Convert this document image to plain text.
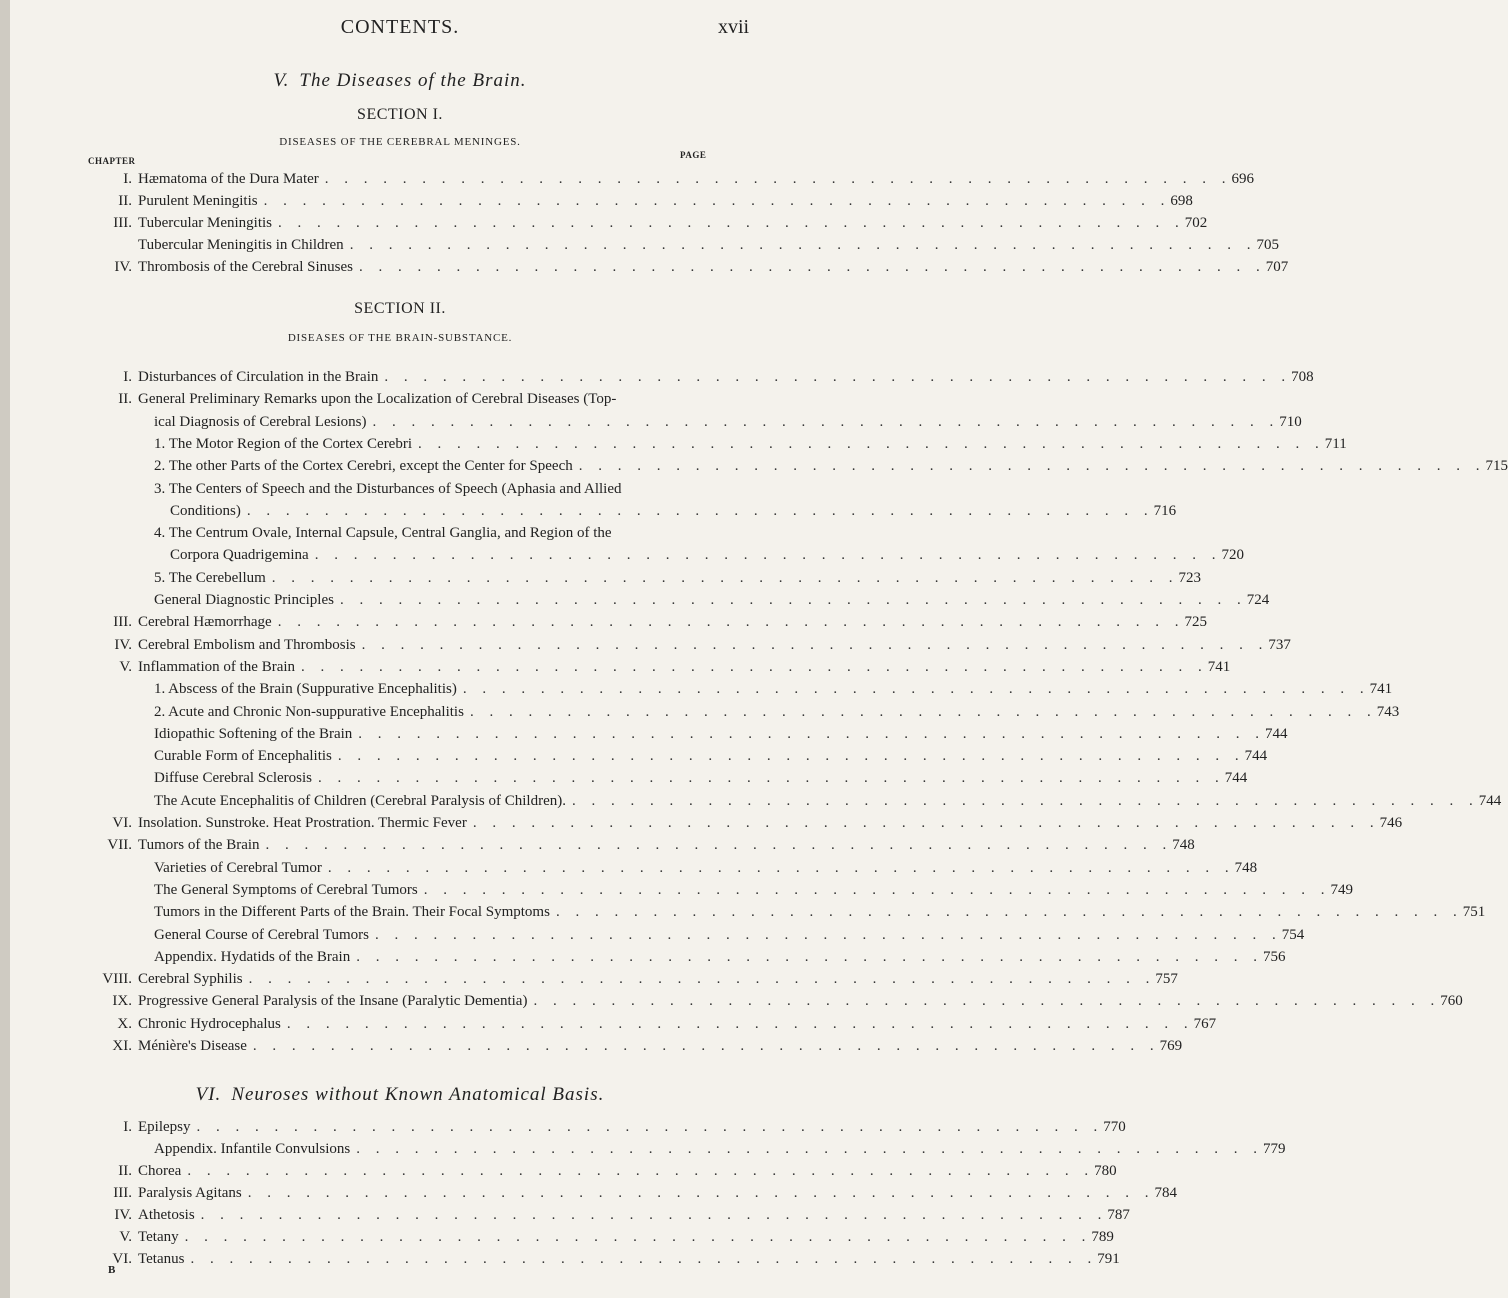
CONTENTS.	xvii
V. The Diseases of the Brain.
SECTION I.
DISEASES OF THE CEREBRAL MENINGES.
CHAPTER
PAGE
I. Hæmatoma of the Dura Mater . . . . . . . . . . . . . . . . . . . . . . . . . . . . . . . . . . . . . . . . . . . . . . . 696
II. Purulent Meningitis . . . . . . . . . . . . . . . . . . . . . . . . . . . . . . . . . . . . . . . . . . . . . . . 698
III. Tubercular Meningitis . . . . . . . . . . . . . . . . . . . . . . . . . . . . . . . . . . . . . . . . . . . . . . . 702
Tubercular Meningitis in Children . . . . . . . . . . . . . . . . . . . . . . . . . . . . . . . . . . . . . . . . . . . . . . . 705
IV. Thrombosis of the Cerebral Sinuses . . . . . . . . . . . . . . . . . . . . . . . . . . . . . . . . . . . . . . . . . . . . . . . 707
SECTION II.
DISEASES OF THE BRAIN-SUBSTANCE.
I. Disturbances of Circulation in the Brain . . . . . . . . . . . . . . . . . . . . . . . . . . . . . . . . . . . . . . . . . . . . . . . 708
II. General Preliminary Remarks upon the Localization of Cerebral Diseases (Top-
ical Diagnosis of Cerebral Lesions) . . . . . . . . . . . . . . . . . . . . . . . . . . . . . . . . . . . . . . . . . . . . . . . 710
1. The Motor Region of the Cortex Cerebri . . . . . . . . . . . . . . . . . . . . . . . . . . . . . . . . . . . . . . . . . . . . . . . 711
2. The other Parts of the Cortex Cerebri, except the Center for Speech . . . . . . . . . . . . . . . . . . . . . . . . . . . . . . . . . . . . . . . . . . . . . . . 715
3. The Centers of Speech and the Disturbances of Speech (Aphasia and Allied
Conditions) . . . . . . . . . . . . . . . . . . . . . . . . . . . . . . . . . . . . . . . . . . . . . . . 716
4. The Centrum Ovale, Internal Capsule, Central Ganglia, and Region of the
Corpora Quadrigemina . . . . . . . . . . . . . . . . . . . . . . . . . . . . . . . . . . . . . . . . . . . . . . . 720
5. The Cerebellum . . . . . . . . . . . . . . . . . . . . . . . . . . . . . . . . . . . . . . . . . . . . . . . 723
General Diagnostic Principles . . . . . . . . . . . . . . . . . . . . . . . . . . . . . . . . . . . . . . . . . . . . . . . 724
III. Cerebral Hæmorrhage . . . . . . . . . . . . . . . . . . . . . . . . . . . . . . . . . . . . . . . . . . . . . . . 725
IV. Cerebral Embolism and Thrombosis . . . . . . . . . . . . . . . . . . . . . . . . . . . . . . . . . . . . . . . . . . . . . . . 737
V. Inflammation of the Brain . . . . . . . . . . . . . . . . . . . . . . . . . . . . . . . . . . . . . . . . . . . . . . . 741
1. Abscess of the Brain (Suppurative Encephalitis) . . . . . . . . . . . . . . . . . . . . . . . . . . . . . . . . . . . . . . . . . . . . . . . 741
2. Acute and Chronic Non-suppurative Encephalitis . . . . . . . . . . . . . . . . . . . . . . . . . . . . . . . . . . . . . . . . . . . . . . . 743
Idiopathic Softening of the Brain . . . . . . . . . . . . . . . . . . . . . . . . . . . . . . . . . . . . . . . . . . . . . . . 744
Curable Form of Encephalitis . . . . . . . . . . . . . . . . . . . . . . . . . . . . . . . . . . . . . . . . . . . . . . . 744
Diffuse Cerebral Sclerosis . . . . . . . . . . . . . . . . . . . . . . . . . . . . . . . . . . . . . . . . . . . . . . . 744
The Acute Encephalitis of Children (Cerebral Paralysis of Children). . . . . . . . . . . . . . . . . . . . . . . . . . . . . . . . . . . . . . . . . . . . . . . . 744
VI. Insolation. Sunstroke. Heat Prostration. Thermic Fever . . . . . . . . . . . . . . . . . . . . . . . . . . . . . . . . . . . . . . . . . . . . . . . 746
VII. Tumors of the Brain . . . . . . . . . . . . . . . . . . . . . . . . . . . . . . . . . . . . . . . . . . . . . . . 748
Varieties of Cerebral Tumor . . . . . . . . . . . . . . . . . . . . . . . . . . . . . . . . . . . . . . . . . . . . . . . 748
The General Symptoms of Cerebral Tumors . . . . . . . . . . . . . . . . . . . . . . . . . . . . . . . . . . . . . . . . . . . . . . . 749
Tumors in the Different Parts of the Brain. Their Focal Symptoms . . . . . . . . . . . . . . . . . . . . . . . . . . . . . . . . . . . . . . . . . . . . . . . 751
General Course of Cerebral Tumors . . . . . . . . . . . . . . . . . . . . . . . . . . . . . . . . . . . . . . . . . . . . . . . 754
Appendix. Hydatids of the Brain . . . . . . . . . . . . . . . . . . . . . . . . . . . . . . . . . . . . . . . . . . . . . . . 756
VIII. Cerebral Syphilis . . . . . . . . . . . . . . . . . . . . . . . . . . . . . . . . . . . . . . . . . . . . . . . 757
IX. Progressive General Paralysis of the Insane (Paralytic Dementia) . . . . . . . . . . . . . . . . . . . . . . . . . . . . . . . . . . . . . . . . . . . . . . . 760
X. Chronic Hydrocephalus . . . . . . . . . . . . . . . . . . . . . . . . . . . . . . . . . . . . . . . . . . . . . . . 767
XI. Ménière's Disease . . . . . . . . . . . . . . . . . . . . . . . . . . . . . . . . . . . . . . . . . . . . . . . 769
VI. Neuroses without Known Anatomical Basis.
I. Epilepsy . . . . . . . . . . . . . . . . . . . . . . . . . . . . . . . . . . . . . . . . . . . . . . . 770
Appendix. Infantile Convulsions . . . . . . . . . . . . . . . . . . . . . . . . . . . . . . . . . . . . . . . . . . . . . . . 779
II. Chorea . . . . . . . . . . . . . . . . . . . . . . . . . . . . . . . . . . . . . . . . . . . . . . . 780
III. Paralysis Agitans . . . . . . . . . . . . . . . . . . . . . . . . . . . . . . . . . . . . . . . . . . . . . . . 784
IV. Athetosis . . . . . . . . . . . . . . . . . . . . . . . . . . . . . . . . . . . . . . . . . . . . . . . 787
V. Tetany . . . . . . . . . . . . . . . . . . . . . . . . . . . . . . . . . . . . . . . . . . . . . . . 789
VI. Tetanus . . . . . . . . . . . . . . . . . . . . . . . . . . . . . . . . . . . . . . . . . . . . . . . 791
B
